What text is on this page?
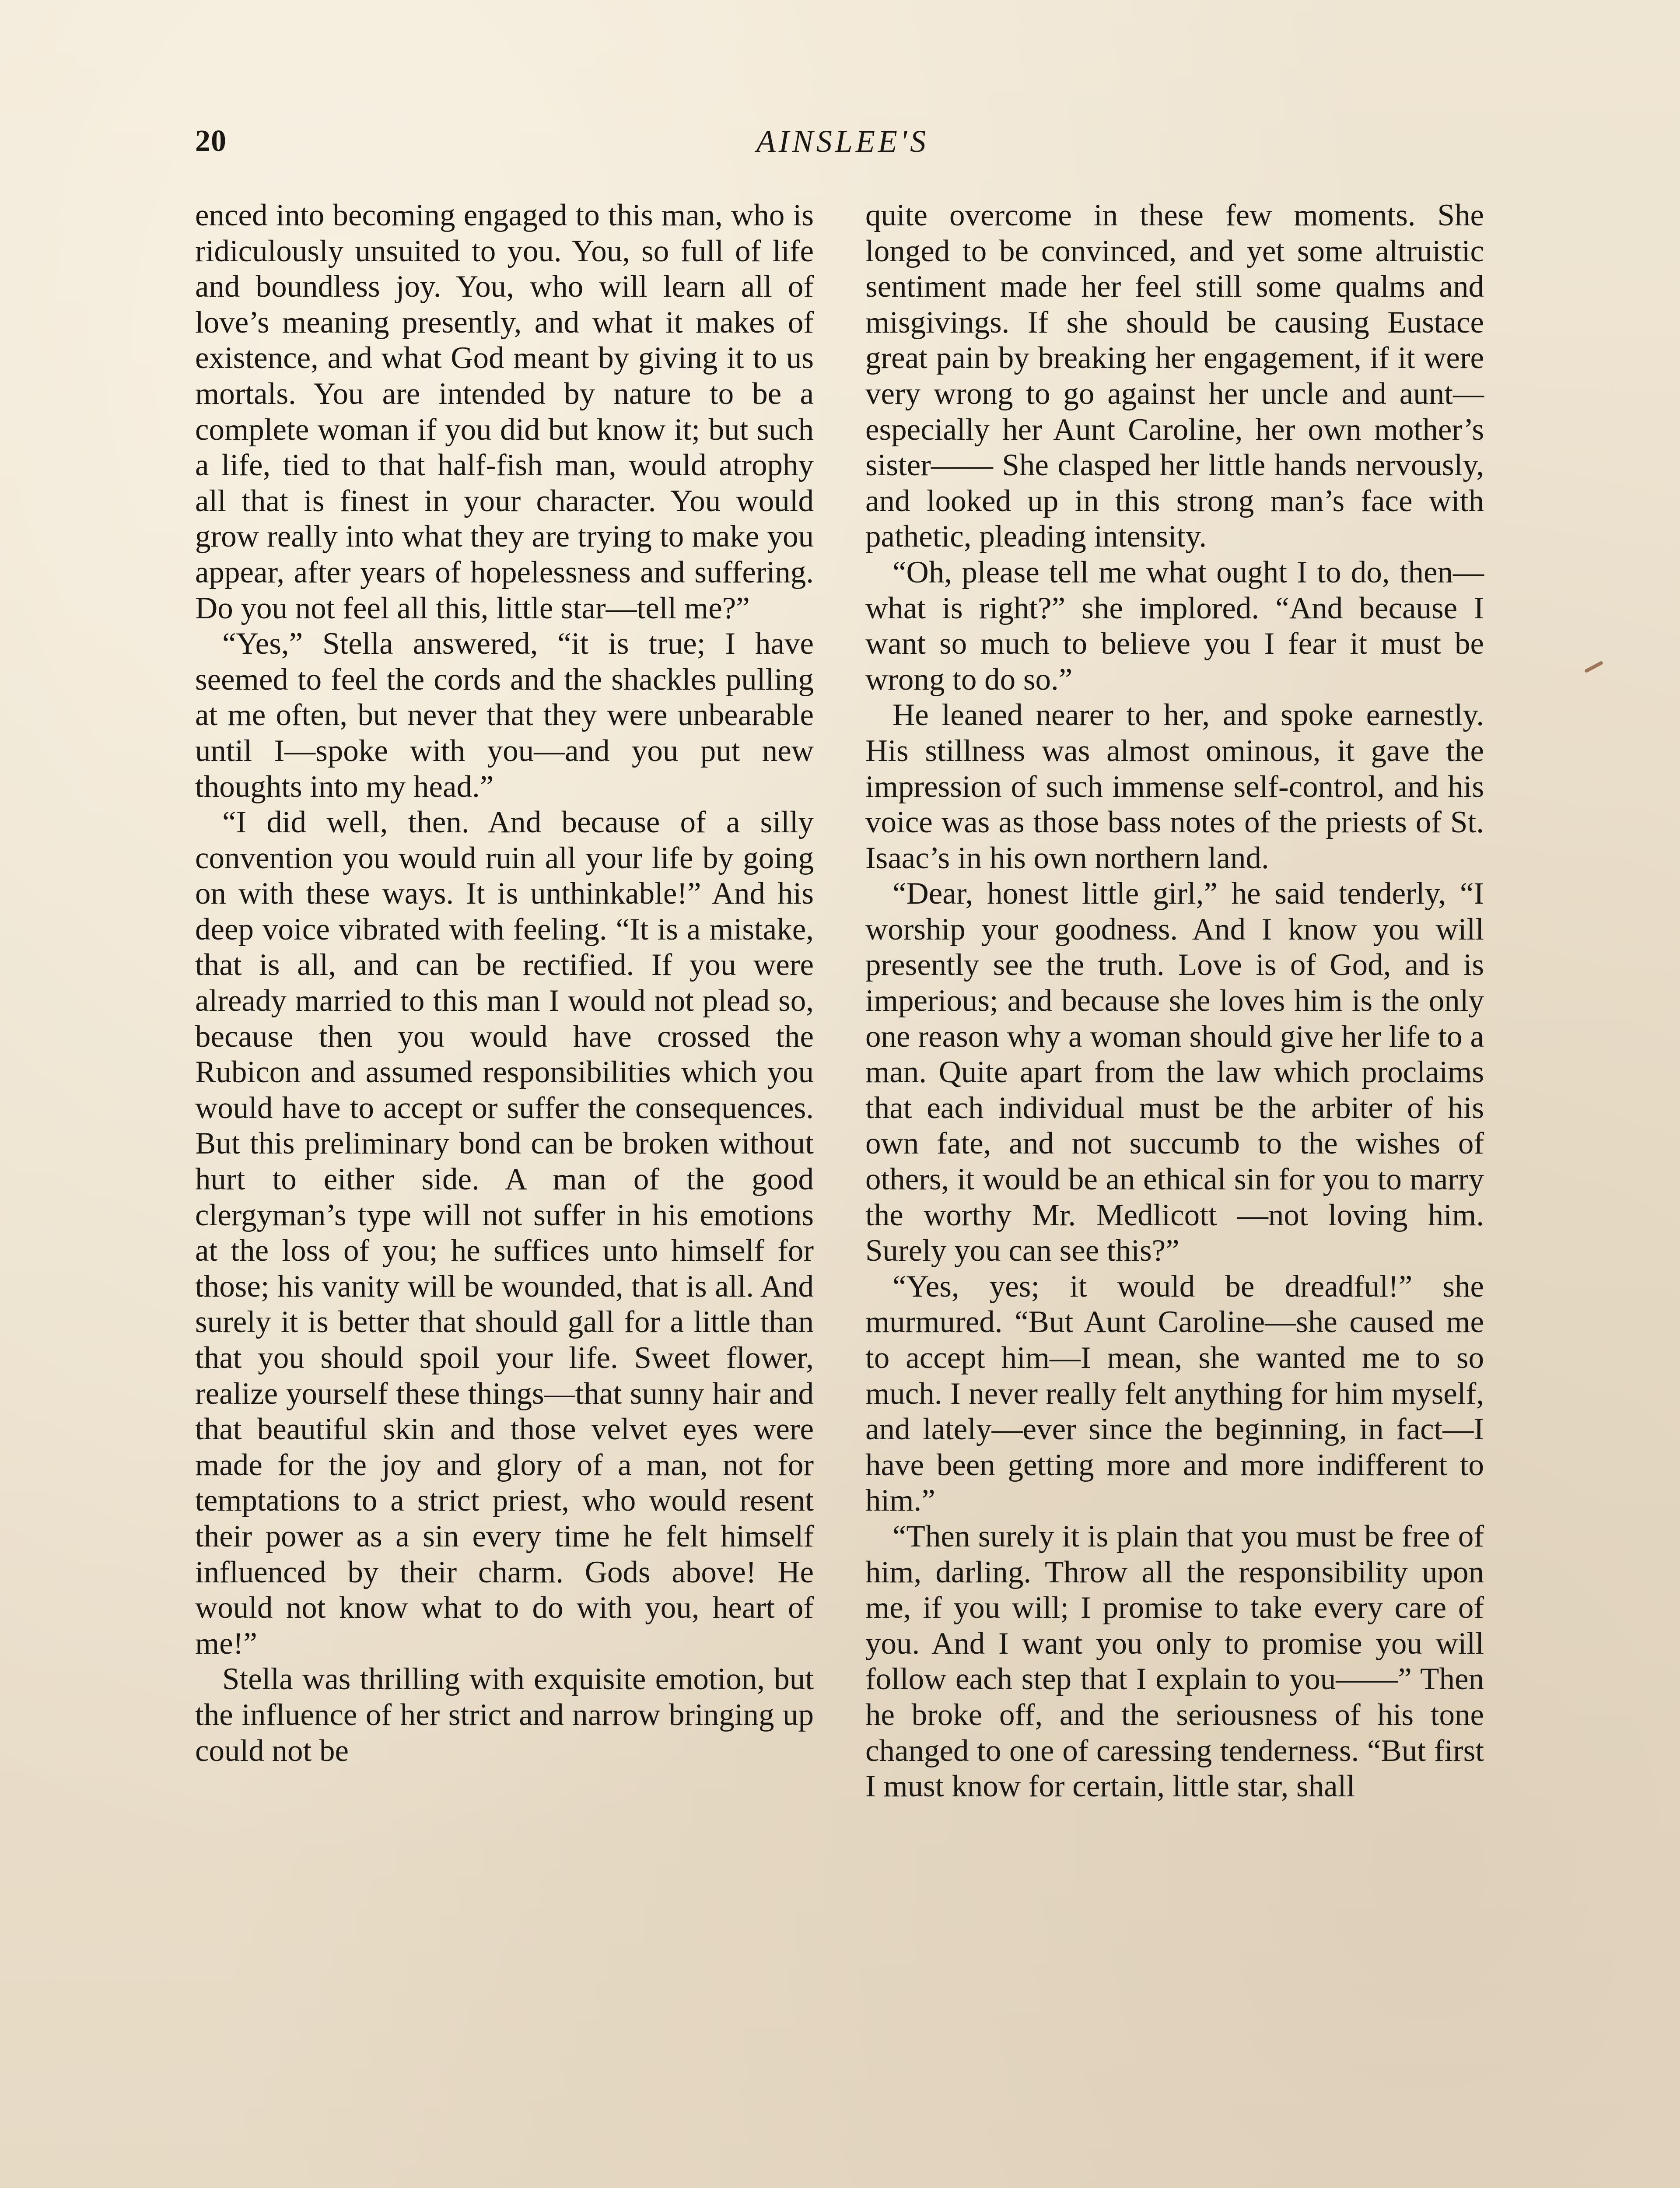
20	AINSLEE'S

enced into becoming engaged to this man, who is ridiculously unsuited to you. You, so full of life and boundless joy. You, who will learn all of love’s meaning presently, and what it makes of existence, and what God meant by giving it to us mortals. You are intended by nature to be a complete woman if you did but know it; but such a life, tied to that half-fish man, would atrophy all that is finest in your character. You would grow really into what they are trying to make you appear, after years of hopelessness and suffering. Do you not feel all this, little star—tell me?”

“Yes,” Stella answered, “it is true; I have seemed to feel the cords and the shackles pulling at me often, but never that they were unbearable until I—spoke with you—and you put new thoughts into my head.”

“I did well, then. And because of a silly convention you would ruin all your life by going on with these ways. It is unthinkable!” And his deep voice vibrated with feeling. “It is a mistake, that is all, and can be rectified. If you were already married to this man I would not plead so, because then you would have crossed the Rubicon and assumed responsibilities which you would have to accept or suffer the consequences. But this preliminary bond can be broken without hurt to either side. A man of the good clergyman’s type will not suffer in his emotions at the loss of you; he suffices unto himself for those; his vanity will be wounded, that is all. And surely it is better that should gall for a little than that you should spoil your life. Sweet flower, realize yourself these things—that sunny hair and that beautiful skin and those velvet eyes were made for the joy and glory of a man, not for temptations to a strict priest, who would resent their power as a sin every time he felt himself influenced by their charm. Gods above! He would not know what to do with you, heart of me!”

Stella was thrilling with exquisite emotion, but the influence of her strict and narrow bringing up could not be

quite overcome in these few moments. She longed to be convinced, and yet some altruistic sentiment made her feel still some qualms and misgivings. If she should be causing Eustace great pain by breaking her engagement, if it were very wrong to go against her uncle and aunt—especially her Aunt Caroline, her own mother’s sister—— She clasped her little hands nervously, and looked up in this strong man’s face with pathetic, pleading intensity.

“Oh, please tell me what ought I to do, then—what is right?” she implored. “And because I want so much to believe you I fear it must be wrong to do so.”

He leaned nearer to her, and spoke earnestly. His stillness was almost ominous, it gave the impression of such immense self-control, and his voice was as those bass notes of the priests of St. Isaac’s in his own northern land.

“Dear, honest little girl,” he said tenderly, “I worship your goodness. And I know you will presently see the truth. Love is of God, and is imperious; and because she loves him is the only one reason why a woman should give her life to a man. Quite apart from the law which proclaims that each individual must be the arbiter of his own fate, and not succumb to the wishes of others, it would be an ethical sin for you to marry the worthy Mr. Medlicott —not loving him. Surely you can see this?”

“Yes, yes; it would be dreadful!” she murmured. “But Aunt Caroline—she caused me to accept him—I mean, she wanted me to so much. I never really felt anything for him myself, and lately—ever since the beginning, in fact—I have been getting more and more indifferent to him.”

“Then surely it is plain that you must be free of him, darling. Throw all the responsibility upon me, if you will; I promise to take every care of you. And I want you only to promise you will follow each step that I explain to you——” Then he broke off, and the seriousness of his tone changed to one of caressing tenderness. “But first I must know for certain, little star, shall
